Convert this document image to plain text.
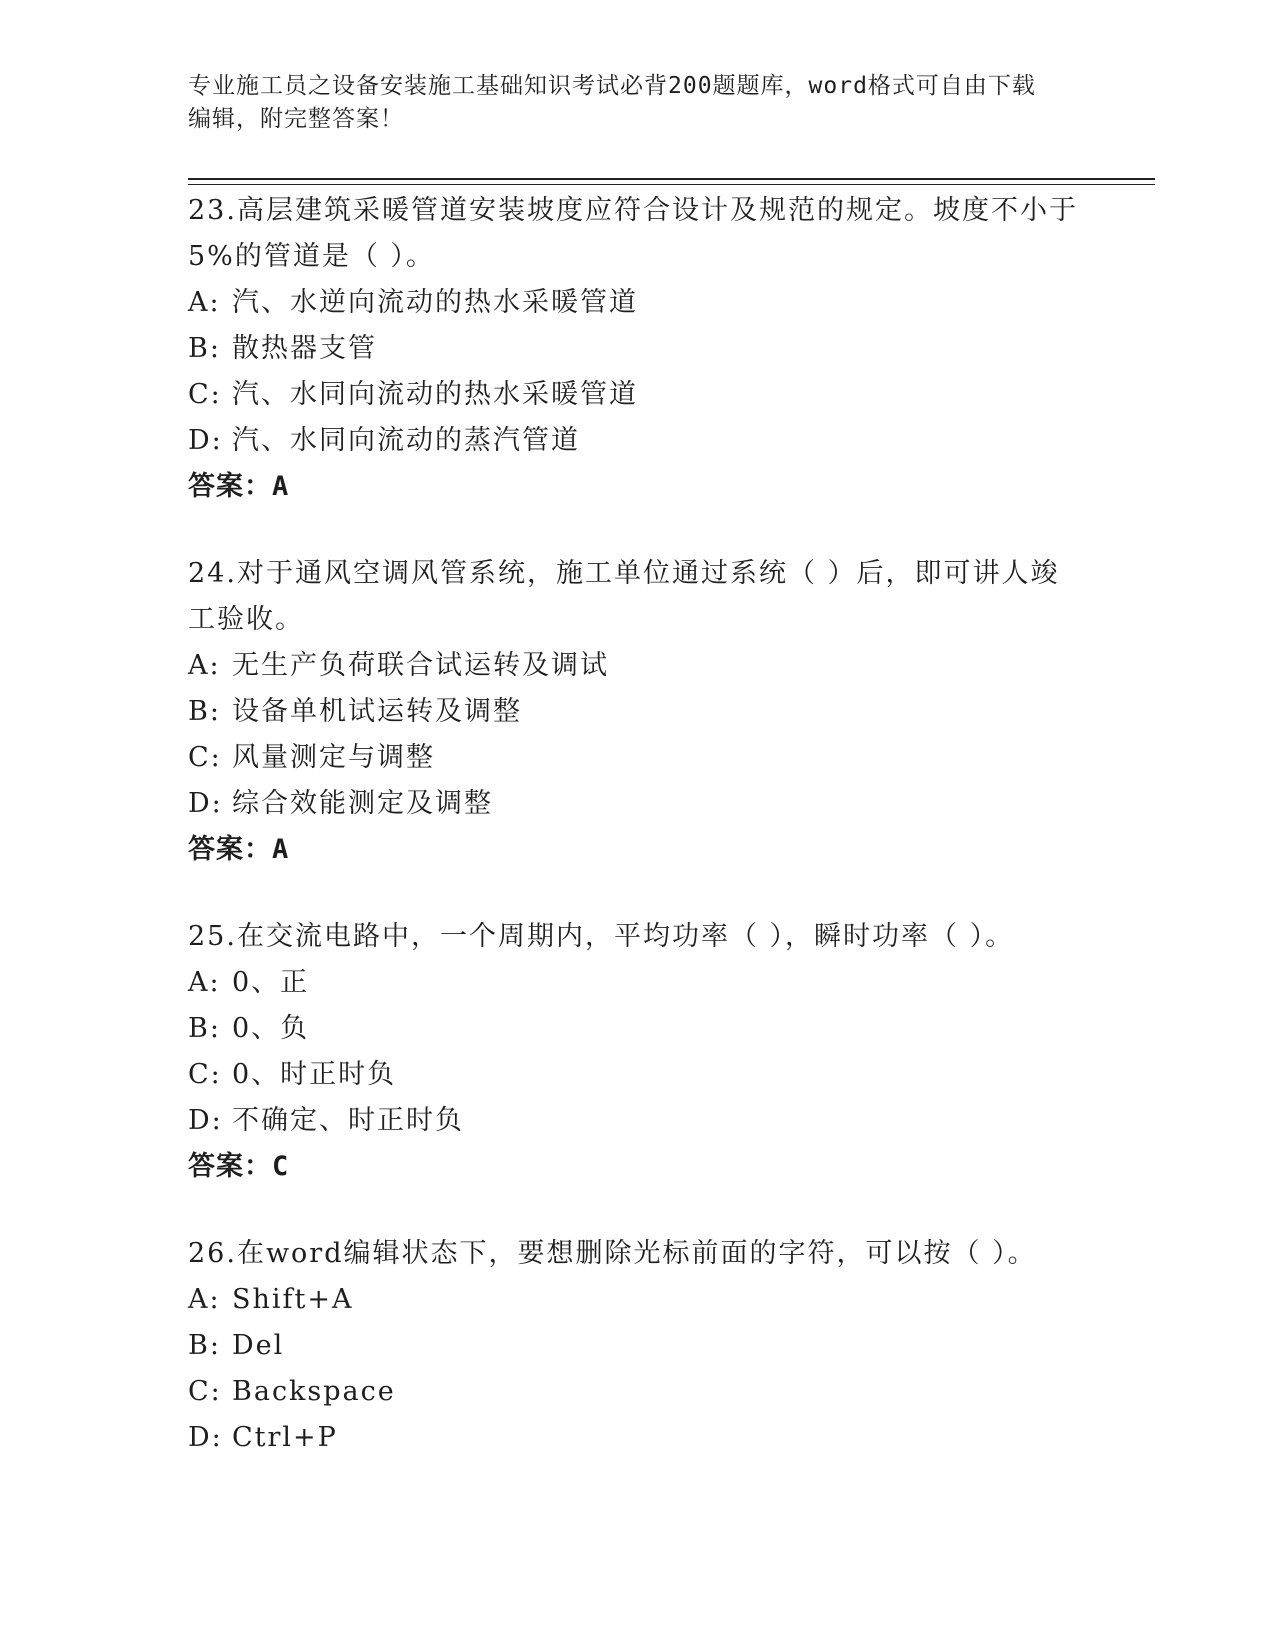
专业施工员之设备安装施工基础知识考试必背200题题库，word格式可自由下载
编辑，附完整答案！
23.高层建筑采暖管道安装坡度应符合设计及规范的规定。坡度不小于
5%的管道是（ ）。
A: 汽、水逆向流动的热水采暖管道
B: 散热器支管
C: 汽、水同向流动的热水采暖管道
D: 汽、水同向流动的蒸汽管道
答案：A
24.对于通风空调风管系统，施工单位通过系统（ ）后，即可讲人竣
工验收。
A: 无生产负荷联合试运转及调试
B: 设备单机试运转及调整
C: 风量测定与调整
D: 综合效能测定及调整
答案：A
25.在交流电路中，一个周期内，平均功率（ ），瞬时功率（ ）。
A: 0、正
B: 0、负
C: 0、时正时负
D: 不确定、时正时负
答案：C
26.在word编辑状态下，要想删除光标前面的字符，可以按（ ）。
A: Shift+A
B: Del
C: Backspace
D: Ctrl+P
